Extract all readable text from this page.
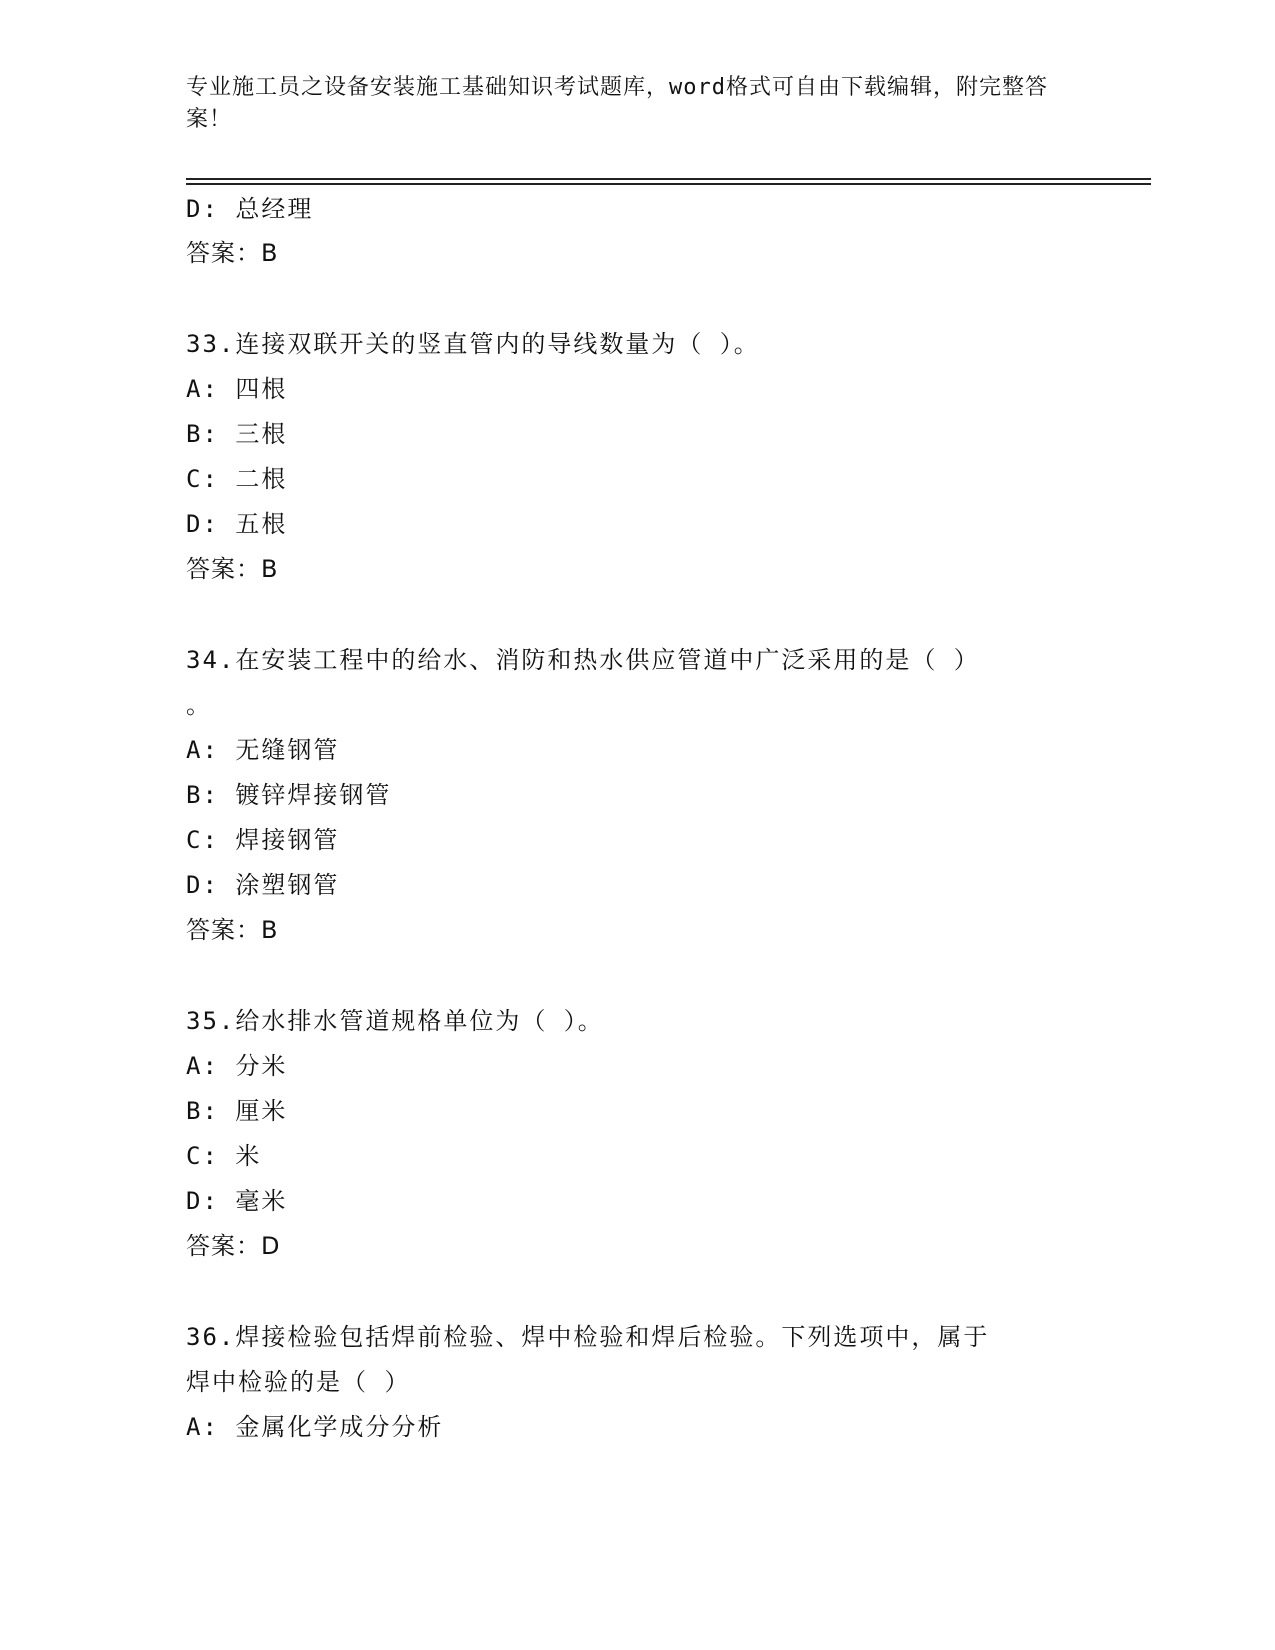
专业施工员之设备安装施工基础知识考试题库，word格式可自由下载编辑，附完整答案！
D: 总经理
答案：B
33.连接双联开关的竖直管内的导线数量为（ ）。
A: 四根
B: 三根
C: 二根
D: 五根
答案：B
34.在安装工程中的给水、消防和热水供应管道中广泛采用的是（ ）
。
A: 无缝钢管
B: 镀锌焊接钢管
C: 焊接钢管
D: 涂塑钢管
答案：B
35.给水排水管道规格单位为（ ）。
A: 分米
B: 厘米
C: 米
D: 毫米
答案：D
36.焊接检验包括焊前检验、焊中检验和焊后检验。下列选项中，属于
焊中检验的是（ ）
A: 金属化学成分分析
